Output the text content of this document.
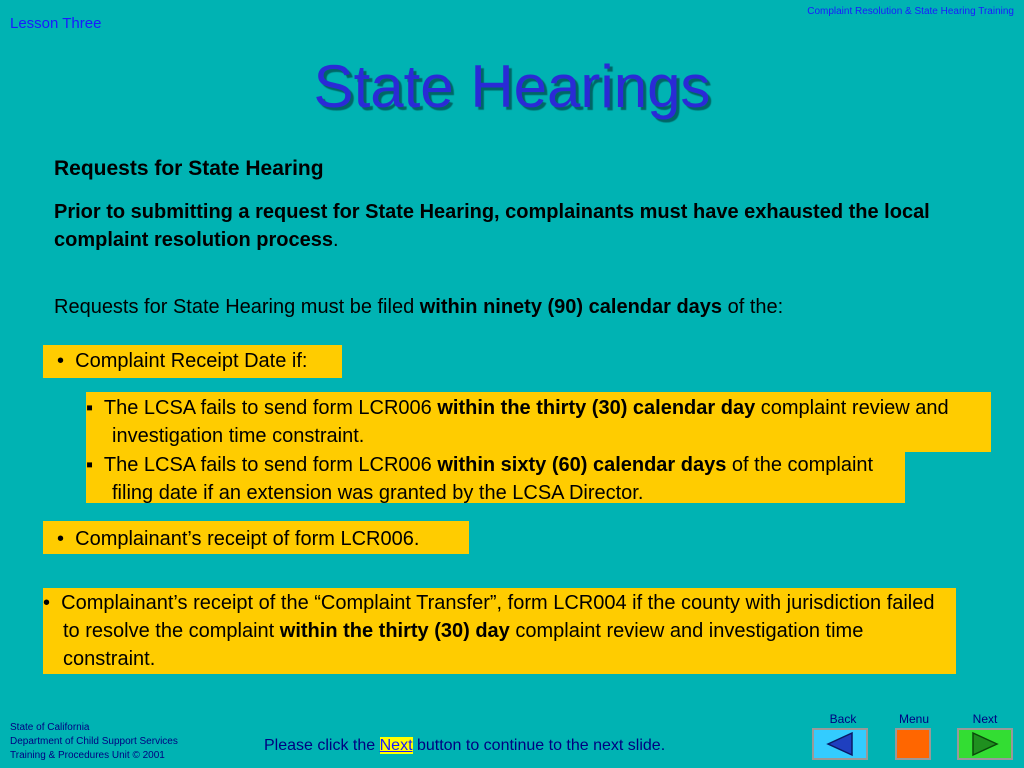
Lesson Three
Complaint Resolution & State Hearing Training
State Hearings
Requests for State Hearing
Prior to submitting a request for State Hearing, complainants must have exhausted the local complaint resolution process.
Requests for State Hearing must be filed within ninety (90) calendar days of the:
• Complaint Receipt Date if:
▪ The LCSA fails to send form LCR006 within the thirty (30) calendar day complaint review and investigation time constraint.
▪ The LCSA fails to send form LCR006 within sixty (60) calendar days of the complaint filing date if an extension was granted by the LCSA Director.
• Complainant’s receipt of form LCR006.
• Complainant’s receipt of the “Complaint Transfer”, form LCR004 if the county with jurisdiction failed to resolve the complaint within the thirty (30) day complaint review and investigation time constraint.
State of California
Department of Child Support Services
Training & Procedures Unit © 2001
Please click the Next button to continue to the next slide.
Back	Menu	Next
